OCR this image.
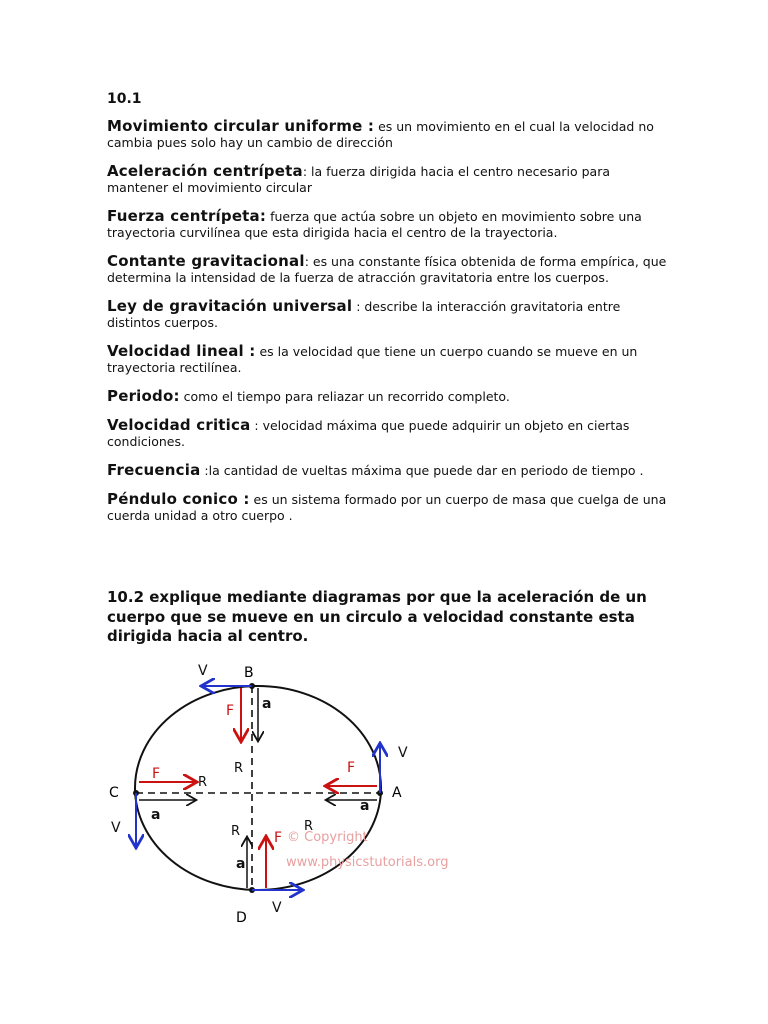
10.1

Movimiento circular uniforme : es un movimiento en el cual la velocidad no cambia pues solo hay un cambio de dirección
Aceleración centrípeta: la fuerza dirigida hacia el centro necesario para mantener el movimiento circular
Fuerza centrípeta: fuerza que actúa sobre un objeto en movimiento sobre una trayectoria curvilínea que esta dirigida hacia el centro de la trayectoria.
Contante gravitacional: es una constante física obtenida de forma empírica, que determina la intensidad de la fuerza de atracción gravitatoria entre los cuerpos.
Ley de gravitación universal : describe la interacción gravitatoria entre distintos cuerpos.
Velocidad lineal : es la velocidad que tiene un cuerpo cuando se mueve en un trayectoria rectilínea.
Periodo: como el tiempo para reliazar un recorrido completo.
Velocidad critica : velocidad máxima que puede adquirir un objeto en ciertas condiciones.
Frecuencia :la cantidad de vueltas máxima que puede dar en periodo de tiempo .
Péndulo conico : es un sistema formado por un cuerpo de masa que cuelga de una cuerda unidad a otro cuerpo .

10.2 explique mediante diagramas por que la aceleración de un cuerpo que se mueve en un circulo a velocidad constante esta dirigida hacia al centro.

B
C	A
D
V
V
V
V
F
F	F
F
a
a
a
a
R
R
R	R
© Copyright
www.physicstutorials.org
